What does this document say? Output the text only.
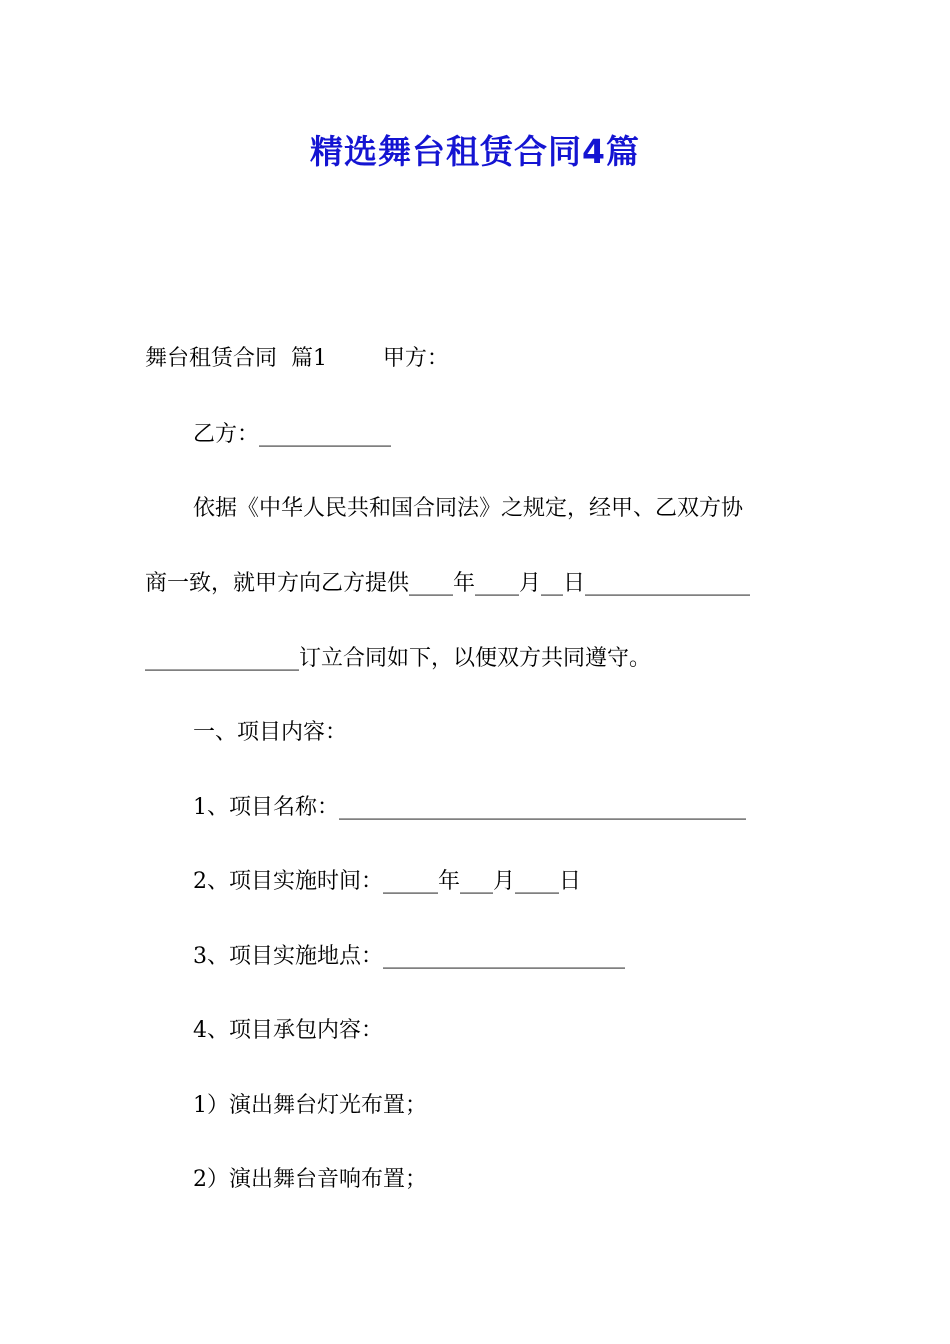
精选舞台租赁合同4篇
舞台租赁合同  篇1        甲方：
乙方：____________
依据《中华人民共和国合同法》之规定，经甲、乙双方协
商一致，就甲方向乙方提供____年____月__日_______________
______________订立合同如下，以便双方共同遵守。
一、项目内容：
1、项目名称：_____________________________________
2、项目实施时间：_____年___月____日
3、项目实施地点：______________________
4、项目承包内容：
1）演出舞台灯光布置；
2）演出舞台音响布置；
